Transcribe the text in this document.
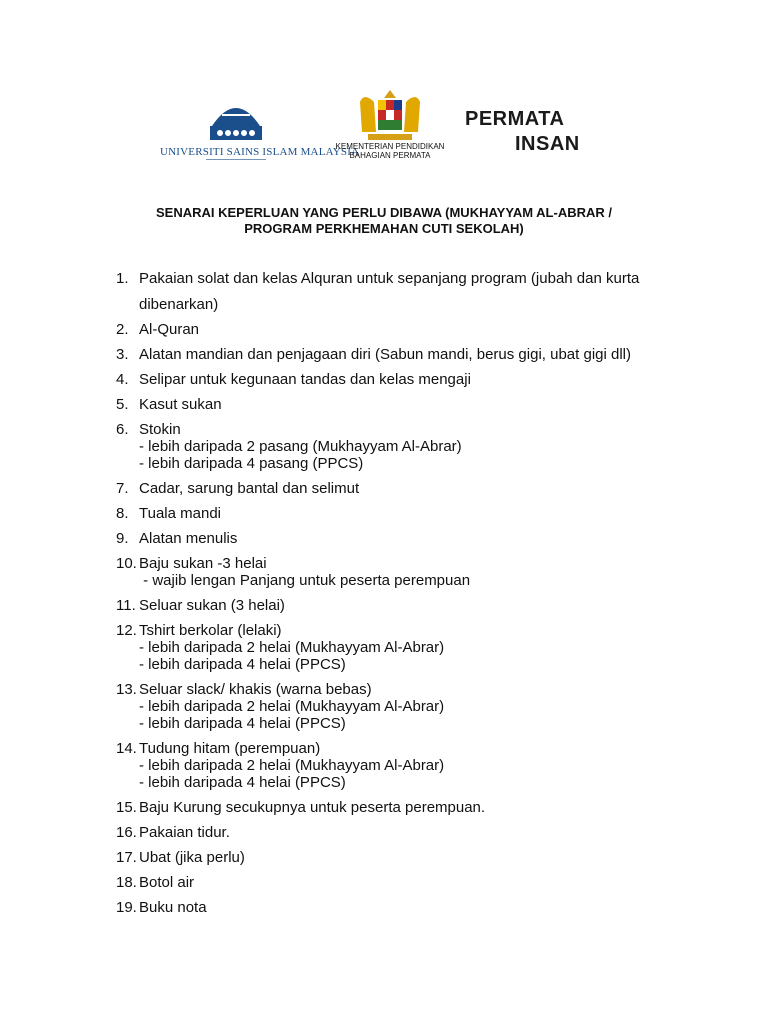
UNIVERSITI SAINS ISLAM MALAYSIA
KEMENTERIAN PENDIDIKAN
BAHAGIAN PERMATA
PERMATA
INSAN
SENARAI KEPERLUAN YANG PERLU DIBAWA (MUKHAYYAM AL-ABRAR /
PROGRAM PERKHEMAHAN CUTI SEKOLAH)
1. Pakaian solat dan kelas Alquran untuk sepanjang program (jubah dan kurta
dibenarkan)
2. Al-Quran
3. Alatan mandian dan penjagaan diri (Sabun mandi, berus gigi, ubat gigi dll)
4. Selipar untuk kegunaan tandas dan kelas mengaji
5. Kasut sukan
6. Stokin
- lebih daripada 2 pasang (Mukhayyam Al-Abrar)
- lebih daripada 4 pasang (PPCS)
7. Cadar, sarung bantal dan selimut
8. Tuala mandi
9. Alatan menulis
10. Baju sukan -3 helai
- wajib lengan Panjang untuk peserta perempuan
11. Seluar sukan (3 helai)
12. Tshirt berkolar (lelaki)
- lebih daripada 2 helai (Mukhayyam Al-Abrar)
- lebih daripada 4 helai (PPCS)
13. Seluar slack/ khakis (warna bebas)
- lebih daripada 2 helai (Mukhayyam Al-Abrar)
- lebih daripada 4 helai (PPCS)
14. Tudung hitam (perempuan)
- lebih daripada 2 helai (Mukhayyam Al-Abrar)
- lebih daripada 4 helai (PPCS)
15. Baju Kurung secukupnya untuk peserta perempuan.
16. Pakaian tidur.
17. Ubat (jika perlu)
18. Botol air
19. Buku nota
